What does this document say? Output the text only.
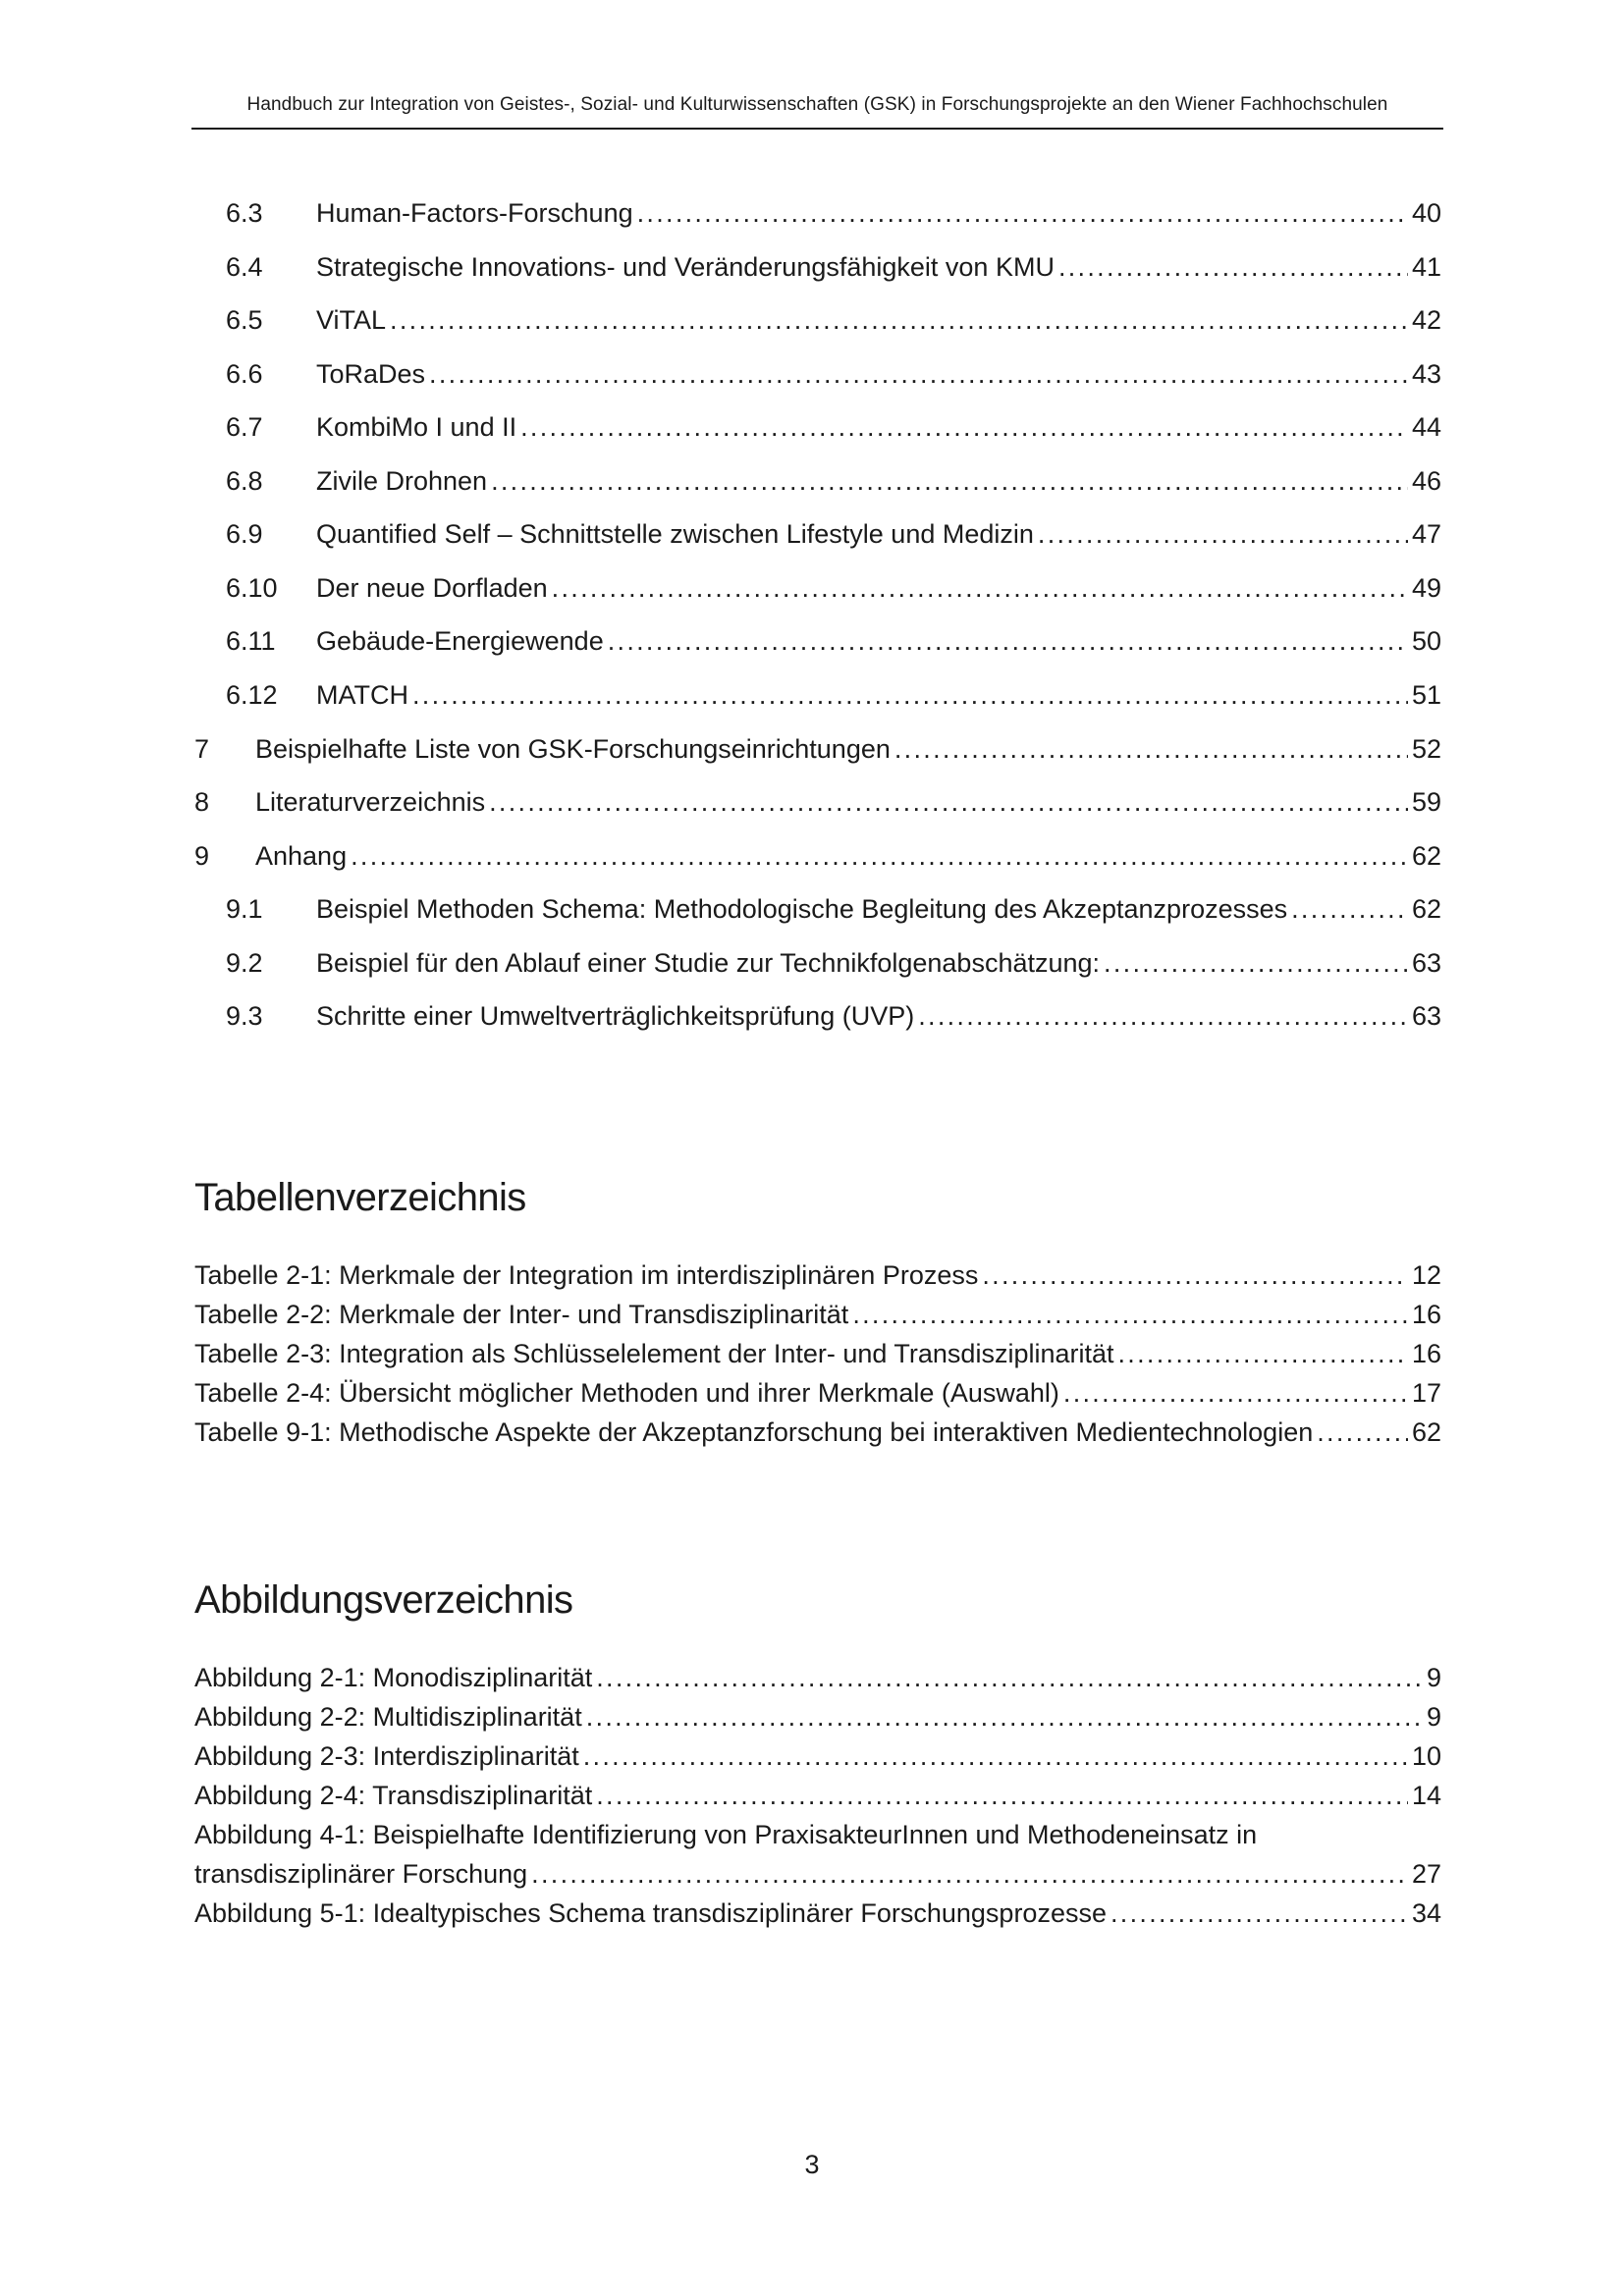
Handbuch zur Integration von Geistes-, Sozial- und Kulturwissenschaften (GSK) in Forschungsprojekte an den Wiener Fachhochschulen
6.3	Human-Factors-Forschung . . .	40
6.4	Strategische Innovations- und Veränderungsfähigkeit von KMU . . .	41
6.5	ViTAL . . .	42
6.6	ToRaDes . . .	43
6.7	KombiMo I und II . . .	44
6.8	Zivile Drohnen . . .	46
6.9	Quantified Self – Schnittstelle zwischen Lifestyle und Medizin . . .	47
6.10	Der neue Dorfladen . . .	49
6.11	Gebäude-Energiewende . . .	50
6.12	MATCH . . .	51
7	Beispielhafte Liste von GSK-Forschungseinrichtungen . . .	52
8	Literaturverzeichnis . . .	59
9	Anhang . . .	62
9.1	Beispiel Methoden Schema: Methodologische Begleitung des Akzeptanzprozesses . . .	62
9.2	Beispiel für den Ablauf einer Studie zur Technikfolgenabschätzung: . . .	63
9.3	Schritte einer Umweltverträglichkeitsprüfung (UVP) . . .	63
Tabellenverzeichnis
Tabelle 2-1: Merkmale der Integration im interdisziplinären Prozess . . .	12
Tabelle 2-2: Merkmale der Inter- und Transdisziplinarität . . .	16
Tabelle 2-3: Integration als Schlüsselelement der Inter- und Transdisziplinarität . . .	16
Tabelle 2-4: Übersicht möglicher Methoden und ihrer Merkmale (Auswahl) . . .	17
Tabelle 9-1: Methodische Aspekte der Akzeptanzforschung bei interaktiven Medientechnologien . . .	62
Abbildungsverzeichnis
Abbildung 2-1: Monodisziplinarität . . .	9
Abbildung 2-2: Multidisziplinarität . . .	9
Abbildung 2-3: Interdisziplinarität . . .	10
Abbildung 2-4: Transdisziplinarität . . .	14
Abbildung 4-1: Beispielhafte Identifizierung von PraxisakteurInnen und Methodeneinsatz in
transdisziplinärer Forschung . . .	27
Abbildung 5-1: Idealtypisches Schema transdisziplinärer Forschungsprozesse . . .	34
3
